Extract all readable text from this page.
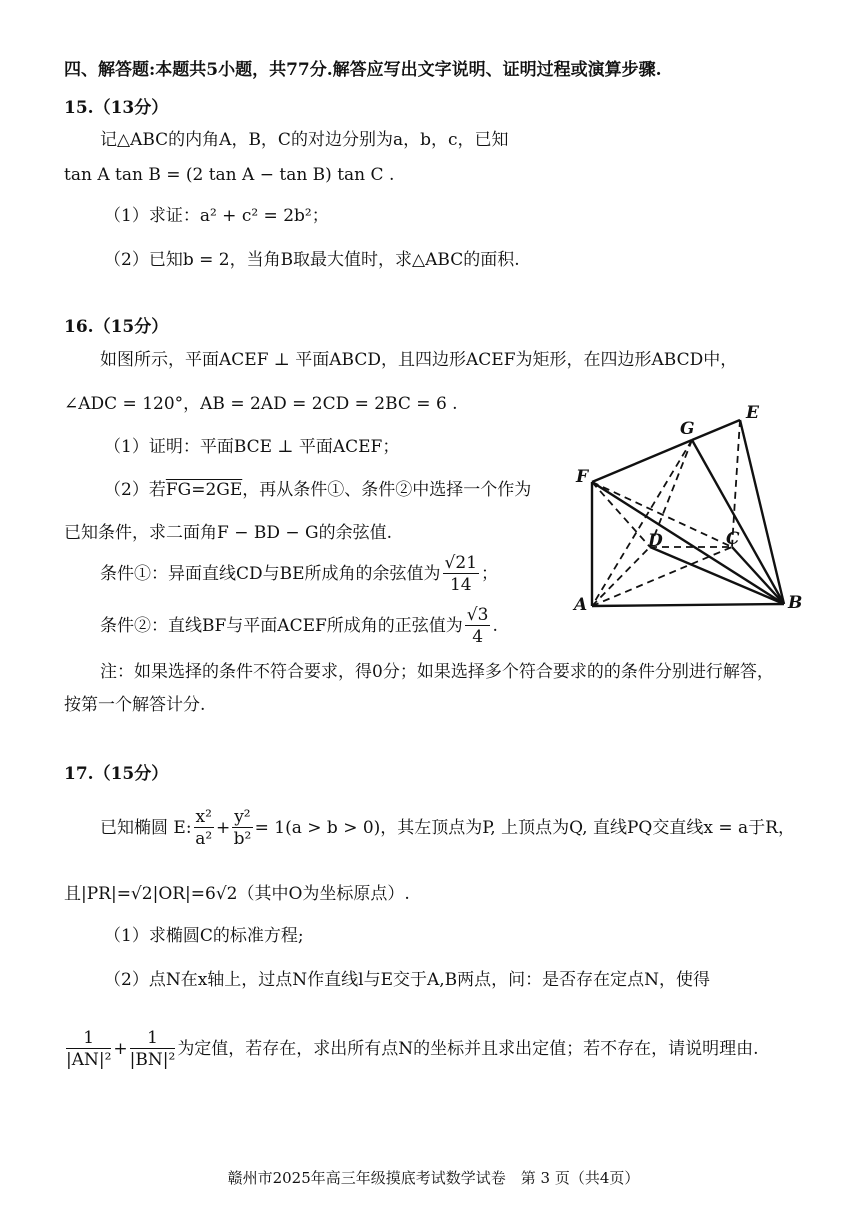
四、解答题:本题共5小题，共77分.解答应写出文字说明、证明过程或演算步骤.
15.（13分）
记△ABC的内角A，B，C的对边分别为a，b，c，已知
tan A tan B = (2 tan A − tan B) tan C .
（1）求证：a² + c² = 2b²；
（2）已知b = 2，当角B取最大值时，求△ABC的面积.
16.（15分）
如图所示，平面ACEF ⊥ 平面ABCD，且四边形ACEF为矩形，在四边形ABCD中，
∠ADC = 120°，AB = 2AD = 2CD = 2BC = 6 .
（1）证明：平面BCE ⊥ 平面ACEF；
（2）若FG=2GE，再从条件①、条件②中选择一个作为
已知条件，求二面角F − BD − G的余弦值.
条件①：异面直线CD与BE所成角的余弦值为 $\frac{√21}{14}$ ；
条件②：直线BF与平面ACEF所成角的正弦值为 $\frac{√3}{4}$ .
注：如果选择的条件不符合要求，得0分；如果选择多个符合要求的的条件分别进行解答，
按第一个解答计分.
E
G
F
D	C
A	B
17.（15分）
已知椭圆 E: $\frac{\text{x²}}{\text{a²}} + \frac{\text{y²}}{\text{b²}} = 1(a > b > 0)$，其左顶点为P, 上顶点为Q, 直线PQ交直线x = a于R，
且|PR|=√2|OR|=6√2（其中O为坐标原点）.
（1）求椭圆C的标准方程;
（2）点N在x轴上，过点N作直线l与E交于A,B两点，问：是否存在定点N，使得
$\frac{1}{\text{|AN|²}} + \frac{1}{\text{|BN|²}}$ 为定值，若存在，求出所有点N的坐标并且求出定值；若不存在，请说明理由.
赣州市2025年高三年级摸底考试数学试卷　第 3 页（共4页）
